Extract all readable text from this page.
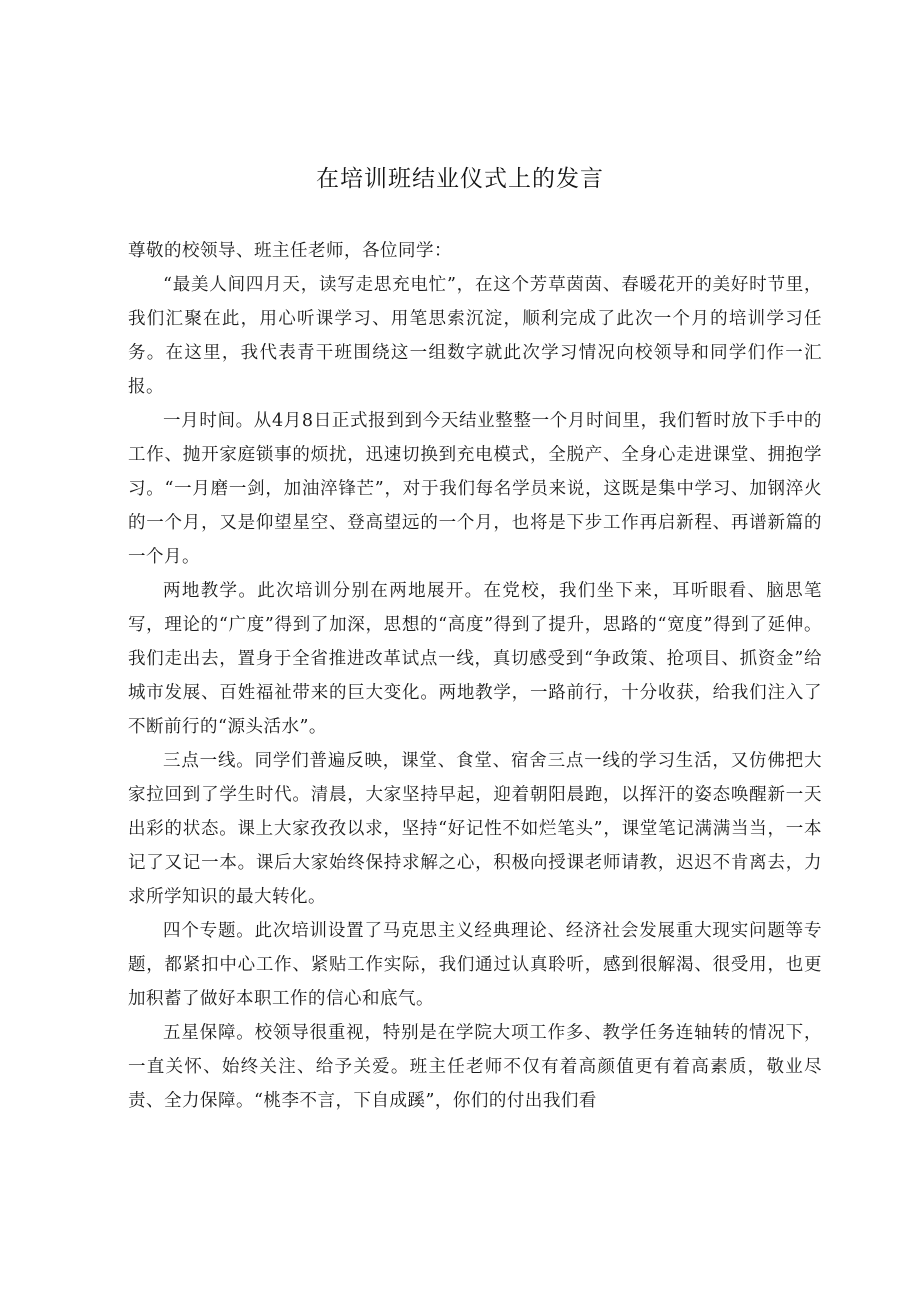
在培训班结业仪式上的发言

尊敬的校领导、班主任老师，各位同学：

“最美人间四月天，读写走思充电忙”，在这个芳草茵茵、春暖花开的美好时节里，我们汇聚在此，用心听课学习、用笔思索沉淀，顺利完成了此次一个月的培训学习任务。在这里，我代表青干班围绕这一组数字就此次学习情况向校领导和同学们作一汇报。

一月时间。从4月8日正式报到到今天结业整整一个月时间里，我们暂时放下手中的工作、抛开家庭锁事的烦扰，迅速切换到充电模式，全脱产、全身心走进课堂、拥抱学习。“一月磨一剑，加油淬锋芒”，对于我们每名学员来说，这既是集中学习、加钢淬火的一个月，又是仰望星空、登高望远的一个月，也将是下步工作再启新程、再谱新篇的一个月。

两地教学。此次培训分别在两地展开。在党校，我们坐下来，耳听眼看、脑思笔写，理论的“广度”得到了加深，思想的“高度”得到了提升，思路的“宽度”得到了延伸。我们走出去，置身于全省推进改革试点一线，真切感受到“争政策、抢项目、抓资金”给城市发展、百姓福祉带来的巨大变化。两地教学，一路前行，十分收获，给我们注入了不断前行的“源头活水”。

三点一线。同学们普遍反映，课堂、食堂、宿舍三点一线的学习生活，又仿佛把大家拉回到了学生时代。清晨，大家坚持早起，迎着朝阳晨跑，以挥汗的姿态唤醒新一天出彩的状态。课上大家孜孜以求，坚持“好记性不如烂笔头”，课堂笔记满满当当，一本记了又记一本。课后大家始终保持求解之心，积极向授课老师请教，迟迟不肯离去，力求所学知识的最大转化。

四个专题。此次培训设置了马克思主义经典理论、经济社会发展重大现实问题等专题，都紧扣中心工作、紧贴工作实际，我们通过认真聆听，感到很解渴、很受用，也更加积蓄了做好本职工作的信心和底气。

五星保障。校领导很重视，特别是在学院大项工作多、教学任务连轴转的情况下，一直关怀、始终关注、给予关爱。班主任老师不仅有着高颜值更有着高素质，敬业尽责、全力保障。“桃李不言，下自成蹊”，你们的付出我们看
